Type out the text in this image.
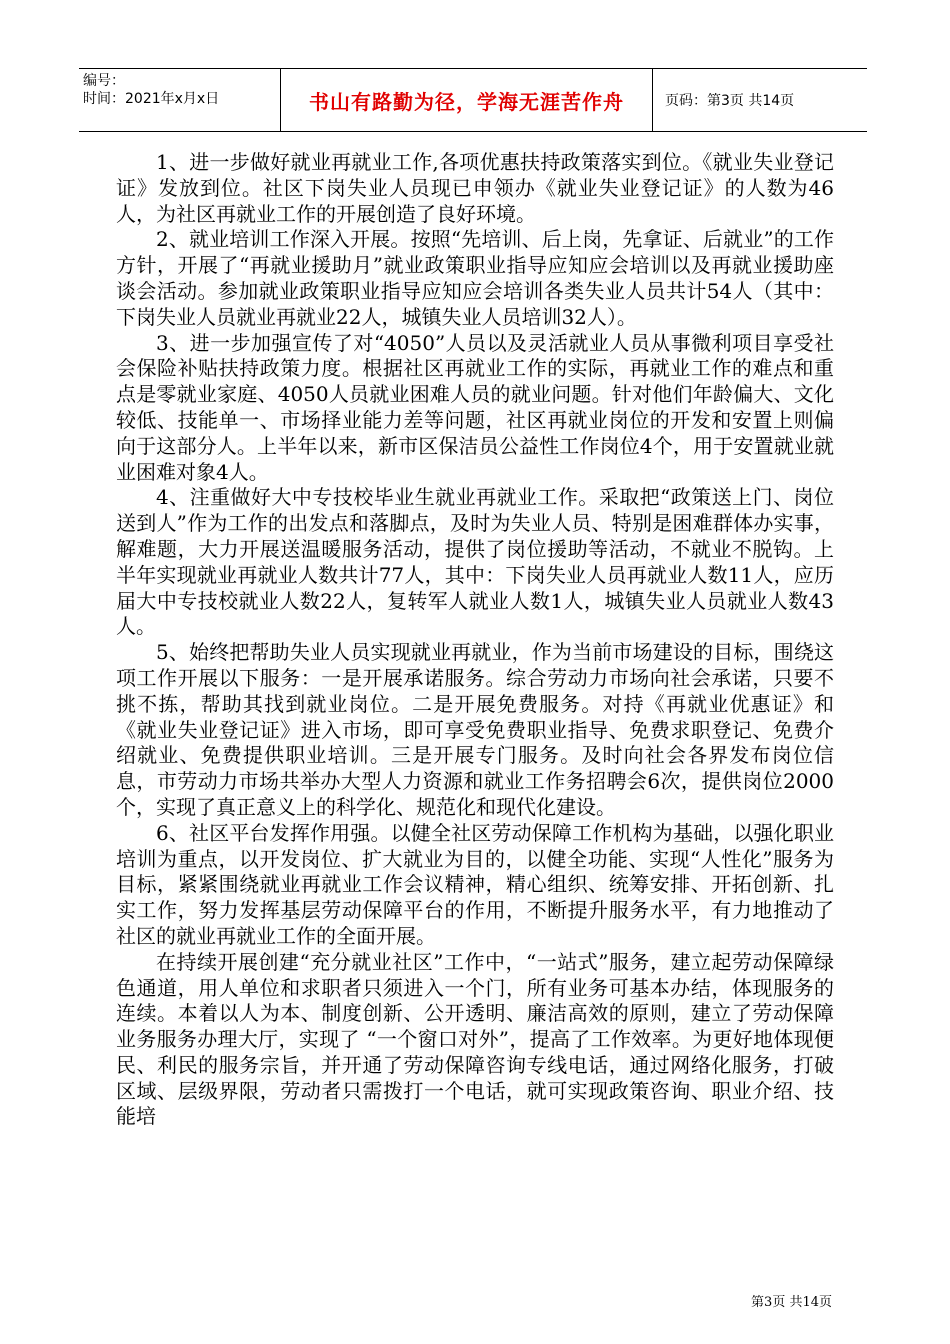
编号：
时间：2021年x月x日	书山有路勤为径，学海无涯苦作舟	页码：第3页 共14页

1、进一步做好就业再就业工作,各项优惠扶持政策落实到位。《就业失业登记证》发放到位。社区下岗失业人员现已申领办《就业失业登记证》的人数为46人，为社区再就业工作的开展创造了良好环境。

2、就业培训工作深入开展。按照“先培训、后上岗，先拿证、后就业”的工作方针，开展了“再就业援助月”就业政策职业指导应知应会培训以及再就业援助座谈会活动。参加就业政策职业指导应知应会培训各类失业人员共计54人（其中：下岗失业人员就业再就业22人，城镇失业人员培训32人）。

3、进一步加强宣传了对“4050”人员以及灵活就业人员从事微利项目享受社会保险补贴扶持政策力度。根据社区再就业工作的实际，再就业工作的难点和重点是零就业家庭、4050人员就业困难人员的就业问题。针对他们年龄偏大、文化较低、技能单一、市场择业能力差等问题，社区再就业岗位的开发和安置上则偏向于这部分人。上半年以来，新市区保洁员公益性工作岗位4个，用于安置就业就业困难对象4人。

4、注重做好大中专技校毕业生就业再就业工作。采取把“政策送上门、岗位送到人”作为工作的出发点和落脚点，及时为失业人员、特别是困难群体办实事，解难题，大力开展送温暖服务活动，提供了岗位援助等活动，不就业不脱钩。上半年实现就业再就业人数共计77人，其中：下岗失业人员再就业人数11人，应历届大中专技校就业人数22人，复转军人就业人数1人，城镇失业人员就业人数43人。

5、始终把帮助失业人员实现就业再就业，作为当前市场建设的目标，围绕这项工作开展以下服务：一是开展承诺服务。综合劳动力市场向社会承诺，只要不挑不拣，帮助其找到就业岗位。二是开展免费服务。对持《再就业优惠证》和《就业失业登记证》进入市场，即可享受免费职业指导、免费求职登记、免费介绍就业、免费提供职业培训。三是开展专门服务。及时向社会各界发布岗位信息，市劳动力市场共举办大型人力资源和就业工作务招聘会6次，提供岗位2000个，实现了真正意义上的科学化、规范化和现代化建设。

6、社区平台发挥作用强。以健全社区劳动保障工作机构为基础，以强化职业培训为重点，以开发岗位、扩大就业为目的，以健全功能、实现“人性化”服务为目标，紧紧围绕就业再就业工作会议精神，精心组织、统筹安排、开拓创新、扎实工作，努力发挥基层劳动保障平台的作用，不断提升服务水平，有力地推动了社区的就业再就业工作的全面开展。

在持续开展创建“充分就业社区”工作中，“一站式”服务，建立起劳动保障绿色通道，用人单位和求职者只须进入一个门，所有业务可基本办结，体现服务的连续。本着以人为本、制度创新、公开透明、廉洁高效的原则，建立了劳动保障业务服务办理大厅，实现了 “一个窗口对外”，提高了工作效率。为更好地体现便民、利民的服务宗旨，并开通了劳动保障咨询专线电话，通过网络化服务，打破区域、层级界限，劳动者只需拨打一个电话，就可实现政策咨询、职业介绍、技能培

第3页 共14页
